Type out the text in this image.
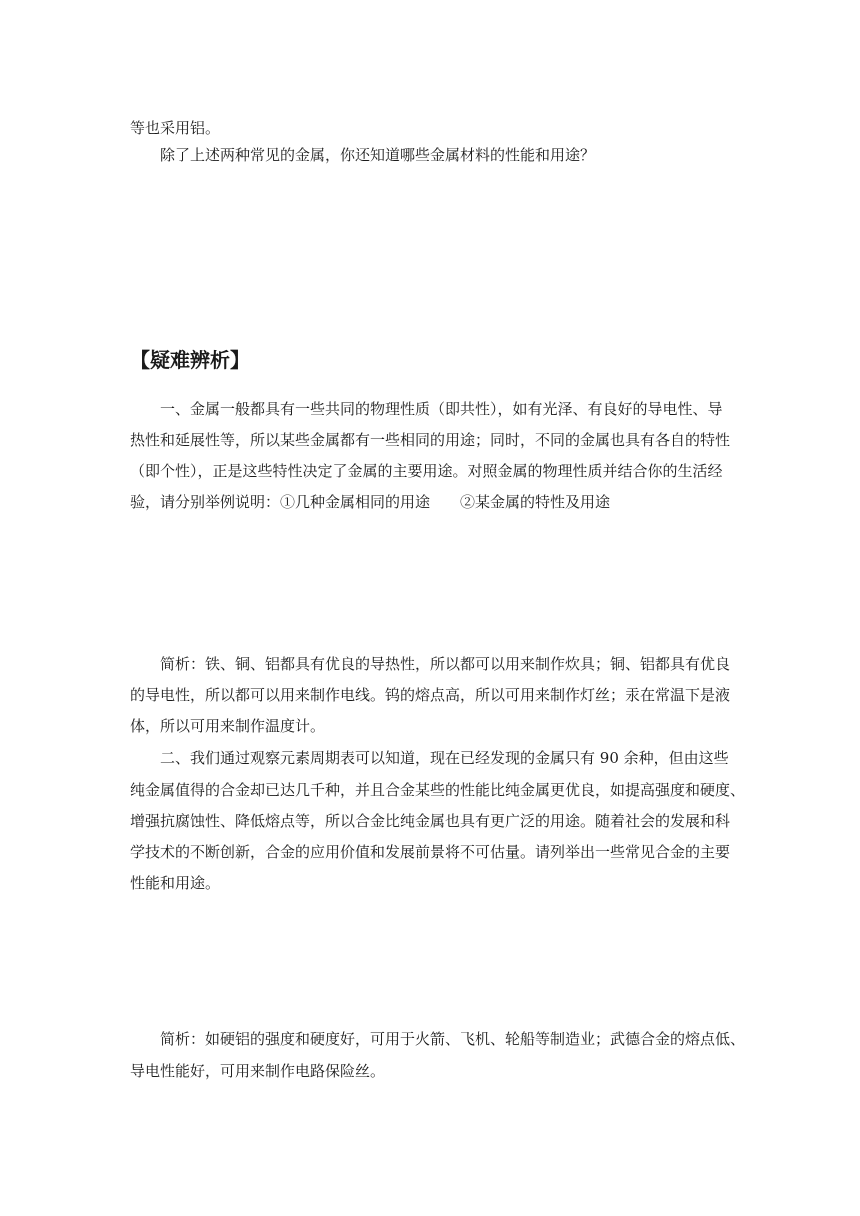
等也采用铝。
除了上述两种常见的金属，你还知道哪些金属材料的性能和用途？
【疑难辨析】
一、金属一般都具有一些共同的物理性质（即共性），如有光泽、有良好的导电性、导
热性和延展性等，所以某些金属都有一些相同的用途；同时，不同的金属也具有各自的特性
（即个性），正是这些特性决定了金属的主要用途。对照金属的物理性质并结合你的生活经
验，请分别举例说明：①几种金属相同的用途　　②某金属的特性及用途
简析：铁、铜、铝都具有优良的导热性，所以都可以用来制作炊具；铜、铝都具有优良
的导电性，所以都可以用来制作电线。钨的熔点高，所以可用来制作灯丝；汞在常温下是液
体，所以可用来制作温度计。
二、我们通过观察元素周期表可以知道，现在已经发现的金属只有 90 余种，但由这些
纯金属值得的合金却已达几千种，并且合金某些的性能比纯金属更优良，如提高强度和硬度、
增强抗腐蚀性、降低熔点等，所以合金比纯金属也具有更广泛的用途。随着社会的发展和科
学技术的不断创新，合金的应用价值和发展前景将不可估量。请列举出一些常见合金的主要
性能和用途。
简析：如硬铝的强度和硬度好，可用于火箭、飞机、轮船等制造业；武德合金的熔点低、
导电性能好，可用来制作电路保险丝。
